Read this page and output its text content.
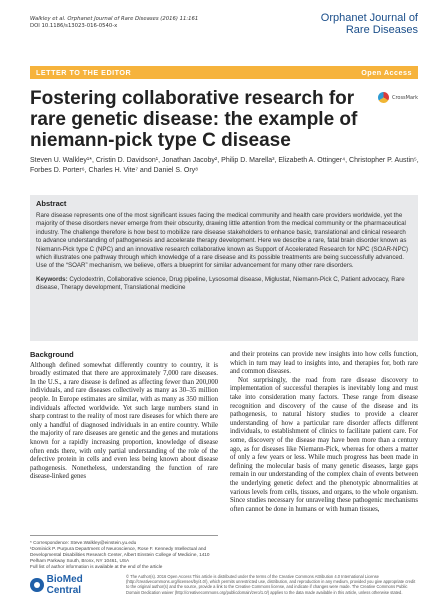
Walkley et al. Orphanet Journal of Rare Diseases (2016) 11:161
DOI 10.1186/s13023-016-0540-x
Orphanet Journal of
Rare Diseases
LETTER TO THE EDITOR	Open Access
Fostering collaborative research for rare genetic disease: the example of niemann-pick type C disease
CrossMark
Steven U. Walkley¹*, Cristin D. Davidson¹, Jonathan Jacoby², Philip D. Marella³, Elizabeth A. Ottinger⁴, Christopher P. Austin⁵, Forbes D. Porter⁶, Charles H. Vite⁷ and Daniel S. Ory⁸
Abstract

Rare disease represents one of the most significant issues facing the medical community and health care providers worldwide, yet the majority of these disorders never emerge from their obscurity, drawing little attention from the medical community or the pharmaceutical industry. The challenge therefore is how best to mobilize rare disease stakeholders to enhance basic, translational and clinical research to advance understanding of pathogenesis and accelerate therapy development. Here we describe a rare, fatal brain disorder known as Niemann-Pick type C (NPC) and an innovative research collaborative known as Support of Accelerated Research for NPC (SOAR-NPC) which illustrates one pathway through which knowledge of a rare disease and its possible treatments are being successfully advanced. Use of the “SOAR” mechanism, we believe, offers a blueprint for similar advancement for many other rare disorders.

Keywords: Cyclodextrin, Collaborative science, Drug pipeline, Lysosomal disease, Miglustat, Niemann-Pick C, Patient advocacy, Rare disease, Therapy development, Translational medicine

Background

Although defined somewhat differently country to country, it is broadly estimated that there are approximately 7,000 rare diseases. In the U.S., a rare disease is defined as affecting fewer than 200,000 individuals, and rare diseases collectively as many as 30–35 million people. In Europe estimates are similar, with as many as 350 million individuals affected worldwide. Yet such large numbers stand in sharp contrast to the reality of most rare diseases for which there are only a handful of diagnosed individuals in an entire country. While the majority of rare diseases are genetic and the genes and mutations known for a rapidly increasing proportion, knowledge of disease often ends there, with only partial understanding of the role of the defective protein in cells and even less being known about disease pathogenesis. Nonetheless, understanding the function of rare disease-linked genes

* Correspondence: Steve.Walkley@einstein.yu.edu
¹Dominick P. Purpura Department of Neuroscience, Rose F. Kennedy Intellectual and Developmental Disabilities Research Center, Albert Einstein College of Medicine, 1410 Pelham Parkway South, Bronx, NY 10461, USA
Full list of author information is available at the end of the article

and their proteins can provide new insights into how cells function, which in turn may lead to insights into, and therapies for, both rare and common diseases.

Not surprisingly, the road from rare disease discovery to implementation of successful therapies is inevitably long and must take into consideration many factors. These range from disease recognition and discovery of the cause of the disease and its pathogenesis, to natural history studies to provide a clearer understanding of how a particular rare disorder affects different individuals, to establishment of clinics to facilitate patient care. For some, discovery of the disease may have been more than a century ago, as for diseases like Niemann-Pick, whereas for others a matter of only a few years or less. While much progress has been made in defining the molecular basis of many genetic diseases, large gaps remain in our understanding of the complex chain of events between the underlying genetic defect and the phenotypic abnormalities at various levels from cells, tissues, and organs, to the whole organism. Since studies necessary for unraveling these pathogenic mechanisms often cannot be done in humans or with human tissues,

BioMed Central
© The Author(s). 2016 Open Access This article is distributed under the terms of the Creative Commons Attribution 4.0 International License (http://creativecommons.org/licenses/by/4.0/), which permits unrestricted use, distribution, and reproduction in any medium, provided you give appropriate credit to the original author(s) and the source, provide a link to the Creative Commons license, and indicate if changes were made. The Creative Commons Public Domain Dedication waiver (http://creativecommons.org/publicdomain/zero/1.0/) applies to the data made available in this article, unless otherwise stated.
